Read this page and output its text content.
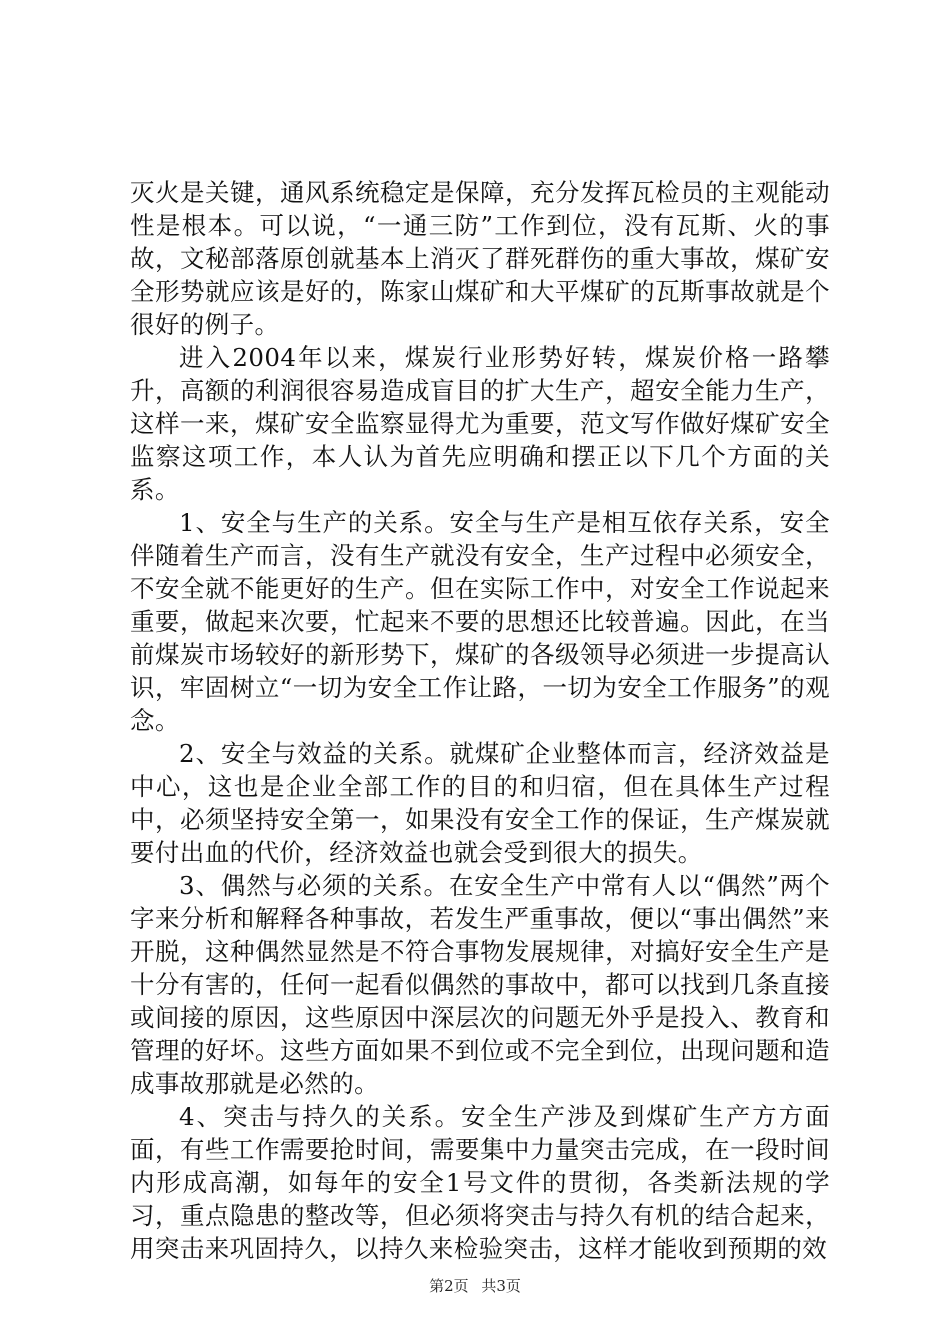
灭火是关键，通风系统稳定是保障，充分发挥瓦检员的主观能动性是根本。可以说，“一通三防”工作到位，没有瓦斯、火的事故，文秘部落原创就基本上消灭了群死群伤的重大事故，煤矿安全形势就应该是好的，陈家山煤矿和大平煤矿的瓦斯事故就是个很好的例子。

进入2004年以来，煤炭行业形势好转，煤炭价格一路攀升，高额的利润很容易造成盲目的扩大生产，超安全能力生产，这样一来，煤矿安全监察显得尤为重要，范文写作做好煤矿安全监察这项工作，本人认为首先应明确和摆正以下几个方面的关系。

1、安全与生产的关系。安全与生产是相互依存关系，安全伴随着生产而言，没有生产就没有安全，生产过程中必须安全，不安全就不能更好的生产。但在实际工作中，对安全工作说起来重要，做起来次要，忙起来不要的思想还比较普遍。因此，在当前煤炭市场较好的新形势下，煤矿的各级领导必须进一步提高认识，牢固树立“一切为安全工作让路，一切为安全工作服务”的观念。

2、安全与效益的关系。就煤矿企业整体而言，经济效益是中心，这也是企业全部工作的目的和归宿，但在具体生产过程中，必须坚持安全第一，如果没有安全工作的保证，生产煤炭就要付出血的代价，经济效益也就会受到很大的损失。

3、偶然与必须的关系。在安全生产中常有人以“偶然”两个字来分析和解释各种事故，若发生严重事故，便以“事出偶然”来开脱，这种偶然显然是不符合事物发展规律，对搞好安全生产是十分有害的，任何一起看似偶然的事故中，都可以找到几条直接或间接的原因，这些原因中深层次的问题无外乎是投入、教育和管理的好坏。这些方面如果不到位或不完全到位，出现问题和造成事故那就是必然的。

4、突击与持久的关系。安全生产涉及到煤矿生产方方面面，有些工作需要抢时间，需要集中力量突击完成，在一段时间内形成高潮，如每年的安全1号文件的贯彻，各类新法规的学习，重点隐患的整改等，但必须将突击与持久有机的结合起来，用突击来巩固持久，以持久来检验突击，这样才能收到预期的效

第2页 共3页
